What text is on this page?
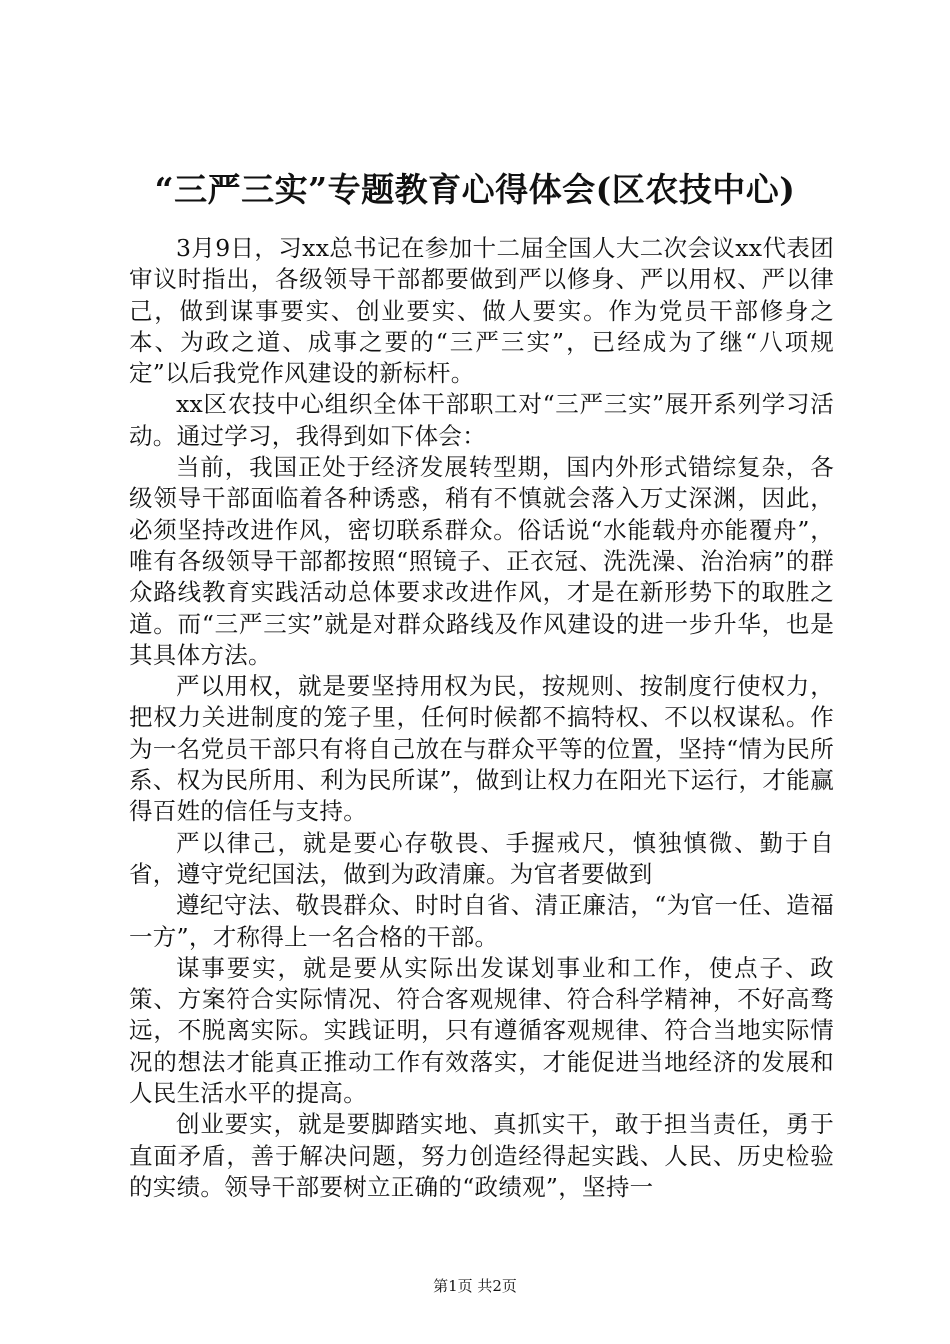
“三严三实”专题教育心得体会(区农技中心)

3月9日，习xx总书记在参加十二届全国人大二次会议xx代表团审议时指出，各级领导干部都要做到严以修身、严以用权、严以律己，做到谋事要实、创业要实、做人要实。作为党员干部修身之本、为政之道、成事之要的“三严三实”，已经成为了继“八项规定”以后我党作风建设的新标杆。

xx区农技中心组织全体干部职工对“三严三实”展开系列学习活动。通过学习，我得到如下体会：

当前，我国正处于经济发展转型期，国内外形式错综复杂，各级领导干部面临着各种诱惑，稍有不慎就会落入万丈深渊，因此，必须坚持改进作风，密切联系群众。俗话说“水能载舟亦能覆舟”，唯有各级领导干部都按照“照镜子、正衣冠、洗洗澡、治治病”的群众路线教育实践活动总体要求改进作风，才是在新形势下的取胜之道。而“三严三实”就是对群众路线及作风建设的进一步升华，也是其具体方法。

严以用权，就是要坚持用权为民，按规则、按制度行使权力，把权力关进制度的笼子里，任何时候都不搞特权、不以权谋私。作为一名党员干部只有将自己放在与群众平等的位置，坚持“情为民所系、权为民所用、利为民所谋”，做到让权力在阳光下运行，才能赢得百姓的信任与支持。

严以律己，就是要心存敬畏、手握戒尺，慎独慎微、勤于自省，遵守党纪国法，做到为政清廉。为官者要做到

遵纪守法、敬畏群众、时时自省、清正廉洁，“为官一任、造福一方”，才称得上一名合格的干部。

谋事要实，就是要从实际出发谋划事业和工作，使点子、政策、方案符合实际情况、符合客观规律、符合科学精神，不好高骛远，不脱离实际。实践证明，只有遵循客观规律、符合当地实际情况的想法才能真正推动工作有效落实，才能促进当地经济的发展和人民生活水平的提高。

创业要实，就是要脚踏实地、真抓实干，敢于担当责任，勇于直面矛盾，善于解决问题，努力创造经得起实践、人民、历史检验的实绩。领导干部要树立正确的“政绩观”，坚持一

第1页 共2页
